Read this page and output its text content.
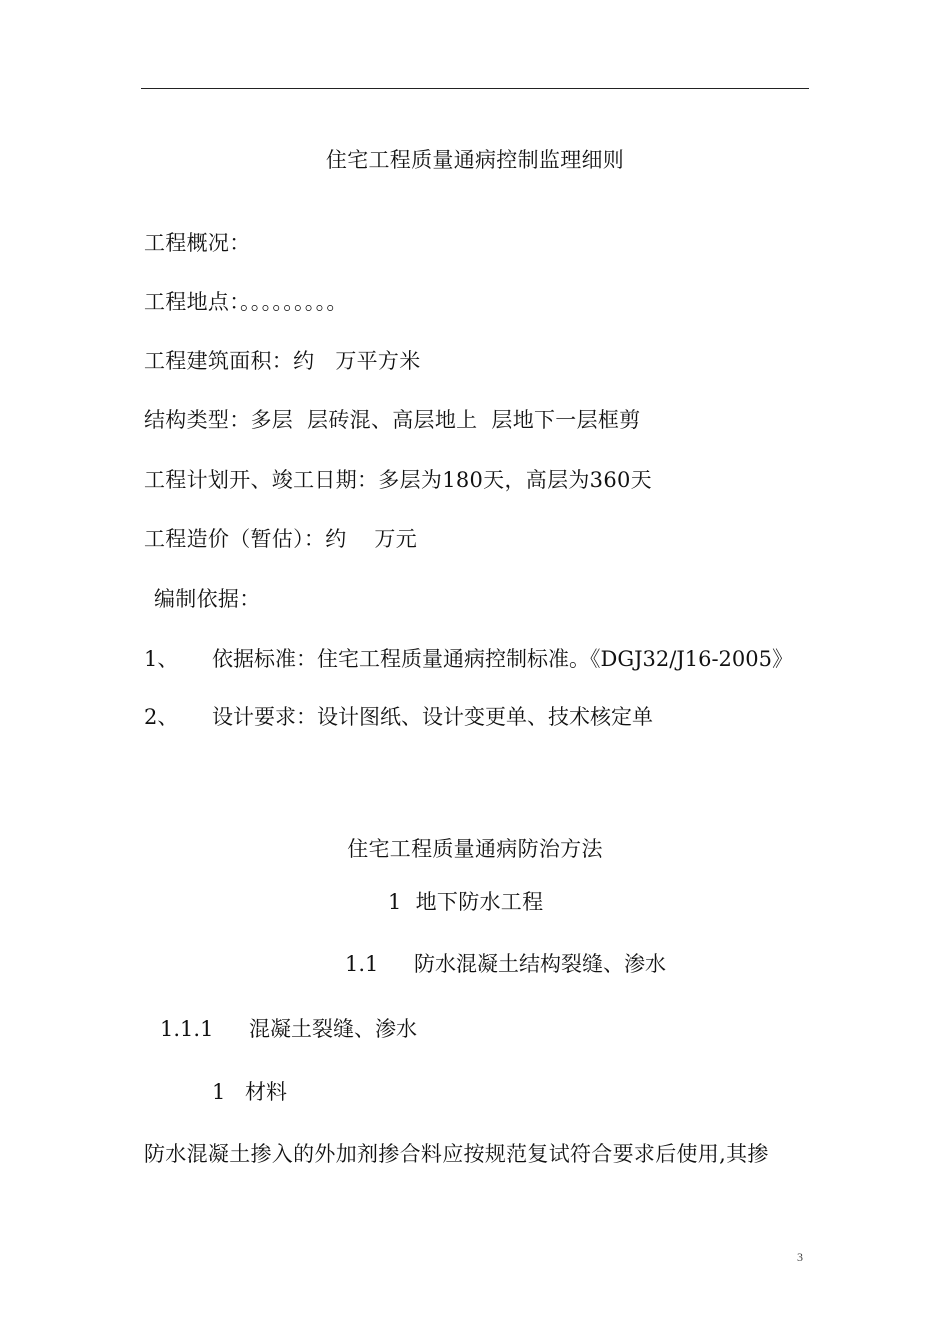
住宅工程质量通病控制监理细则
工程概况：
工程地点：。。。。。。。。。
工程建筑面积：约   万平方米
结构类型：多层  层砖混、高层地上  层地下一层框剪
工程计划开、竣工日期：多层为180天，高层为360天
工程造价（暂估）：约    万元
编制依据：
1、 依据标准：住宅工程质量通病控制标准。《DGJ32/J16-2005》
2、 设计要求：设计图纸、设计变更单、技术核定单
住宅工程质量通病防治方法
1  地下防水工程
1.1 防水混凝土结构裂缝、渗水
1.1.1 混凝土裂缝、渗水
1 材料
防水混凝土掺入的外加剂掺合料应按规范复试符合要求后使用,其掺
3
